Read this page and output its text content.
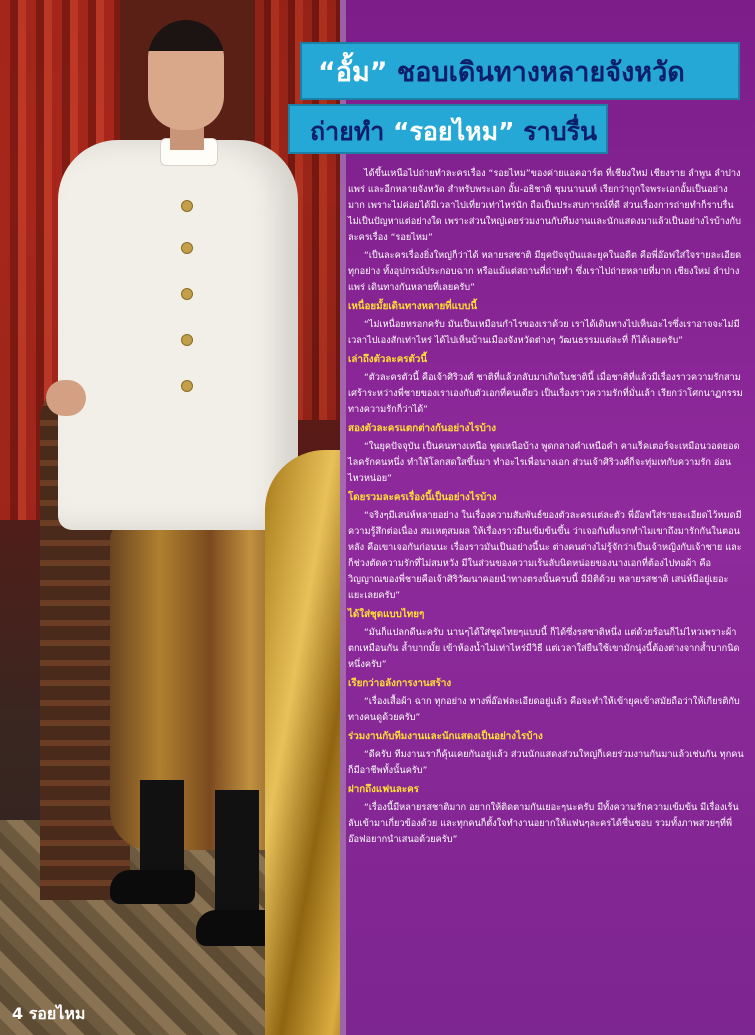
“อั้ม” ชอบเดินทางหลายจังหวัด
ถ่ายทำ “รอยไหม” ราบรื่น

ได้ขึ้นเหนือไปถ่ายทำละครเรื่อง “รอยไหม”ของค่ายแอคอาร์ต ที่เชียงใหม่ เชียงราย ลำพูน ลำปาง แพร่ และอีกหลายจังหวัด สำหรับพระเอก อั้ม-อธิชาติ ชุมนานนท์ เรียกว่าถูกใจพระเอกอั้มเป็นอย่างมาก เพราะไม่ค่อยได้มีเวลาไปเที่ยวเท่าไหร่นัก ถือเป็นประสบการณ์ที่ดี ส่วนเรื่องการถ่ายทำก็ราบรื่นไม่เป็นปัญหาแต่อย่างใด เพราะส่วนใหญ่เคยร่วมงานกับทีมงานและนักแสดงมาแล้วเป็นอย่างไรบ้างกับละครเรื่อง “รอยไหม”

“เป็นละครเรื่องยิ่งใหญ่ก็ว่าได้ หลายรสชาติ มียุคปัจจุบันและยุคในอดีต คือพี่อ๊อฟใส่ใจรายละเอียดทุกอย่าง ทั้งอุปกรณ์ประกอบฉาก หรือแม้แต่สถานที่ถ่ายทำ ซึ่งเราไปถ่ายหลายที่มาก เชียงใหม่ ลำปาง แพร่ เดินทางกันหลายที่เลยครับ”

เหนื่อยมั้ยเดินทางหลายที่แบบนี้

“ไม่เหนื่อยหรอกครับ มันเป็นเหมือนกำไรของเราด้วย เราได้เดินทางไปเห็นอะไรซึ่งเราอาจจะไม่มีเวลาไปเองสักเท่าไหร่ ได้ไปเห็นบ้านเมืองจังหวัดต่างๆ วัฒนธรรมแต่ละที่ ก็ได้เลยครับ”

เล่าถึงตัวละครตัวนี้

“ตัวละครตัวนี้ คือเจ้าศิริวงศ์ ชาติที่แล้วกลับมาเกิดในชาตินี้ เมื่อชาติที่แล้วมีเรื่องราวความรักสามเศร้าระหว่างพี่ชายของเราเองกับตัวเอกที่คนเดียว เป็นเรื่องราวความรักที่มั่นเล้า เรียกว่าโศกนาฏกรรมทางความรักก็ว่าได้”

สองตัวละครแตกต่างกันอย่างไรบ้าง

“ในยุคปัจจุบัน เป็นคนทางเหนือ พูดเหนือบ้าง พูดกลางคำเหนือคำ คาแร็คเตอร์จะเหมือนวอดยอดไลครักคนหนึ่ง ทำให้โลกสดใสขึ้นมา ทำอะไรเพื่อนางเอก ส่วนเจ้าศิริวงศ์ก็จะทุ่มเทกับความรัก อ่อนไหวหน่อย”

โดยรวมละครเรื่องนี้เป็นอย่างไรบ้าง

“จริงๆมีเสน่ห์หลายอย่าง ในเรื่องความสัมพันธ์ของตัวละครแต่ละตัว พี่อ๊อฟใส่รายละเอียดไว้หมดมีความรู้สึกต่อเนื่อง สมเหตุสมผล ให้เรื่องราวมีนเข้มข้นขึ้น ว่าเจอกันที่แรกทำไมเขาถึงมารักกันในตอนหลัง คือเขาเจอกันก่อนนะ เรื่องราวมันเป็นอย่างนี้นะ ต่างคนต่างไม่รู้จักว่าเป็นเจ้าหญิงกับเจ้าชาย และก็ช่วงตัดความรักที่ไม่สมหวัง มีในส่วนของความเร้นลับนิดหน่อยของนางเอกที่ต้องไปทอผ้า คือวิญญาณของพี่ชายคือเจ้าศิริวัฒนาคอยนำทางตรงนั้นครบนี้ มีมิติด้วย หลายรสชาติ เสน่ห์มีอยู่เยอะแยะเลยครับ”

ได้ใส่ชุดแบบไทยๆ

“มันก็แปลกดีนะครับ นานๆได้ใส่ชุดไทยๆแบบนี้ ก็ได้ซึ่งรสชาติหนึ่ง แต่ด้วยร้อนก็ไม่ไหวเพราะผ้าตกเหมือนกัน ล้ำบากมั้ย เข้าห้องน้ำไม่เท่าไหร่มีวิธี แต่เวลาใส่ยืนใช้เขามักนุ่งนี้ต้องต่างจากส้ำบากนิดหนึ่งครับ”

เรียกว่าอลังการงานสร้าง

“เรื่องเสื้อผ้า ฉาก ทุกอย่าง ทางพี่อ๊อฟละเอียดอยู่แล้ว คือจะทำให้เข้ายุคเข้าสมัยถือว่าให้เกียรติกับทางคนดูด้วยครับ”

ร่วมงานกับทีมงานและนักแสดงเป็นอย่างไรบ้าง

“ดีครับ ทีมงานเราก็คุ้นเคยกันอยู่แล้ว ส่วนนักแสดงส่วนใหญ่ก็เคยร่วมงานกันมาแล้วเช่นกัน ทุกคนก็มีอาชีพทั้งนั้นครับ”

ฝากถึงแฟนละคร

“เรื่องนี้มีหลายรสชาติมาก อยากให้ติดตามกันเยอะๆนะครับ มีทั้งความรักความเข้มข้น มีเรื่องเร้นลับเข้ามาเกี่ยวข้องด้วย และทุกคนก็ตั้งใจทำงานอยากให้แฟนๆละครได้ชื่นชอบ รวมทั้งภาพสวยๆที่พี่อ๊อฟอยากนำเสนอด้วยครับ”

4 รอยไหม
